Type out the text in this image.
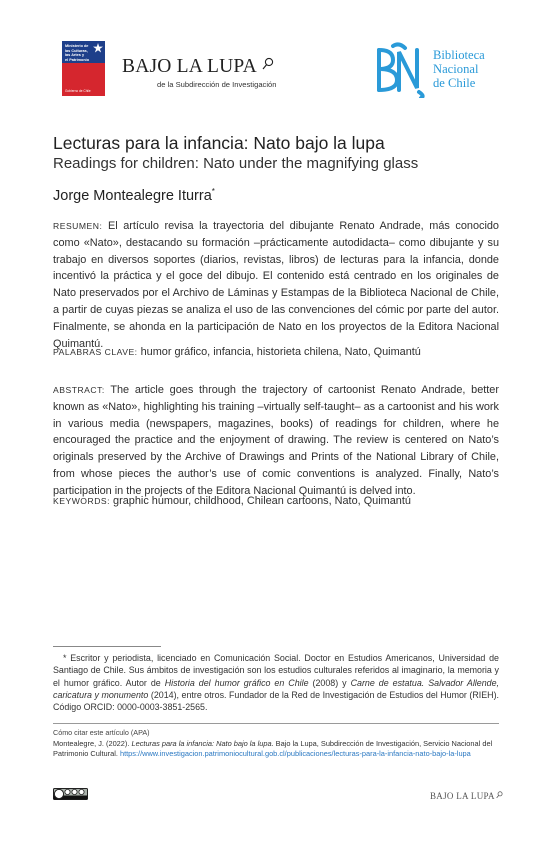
Ministerio de
las Culturas,
las Artes y
el Patrimonio
Gobierno de Chile
BAJO LA LUPA
de la Subdirección de Investigación
Biblioteca
Nacional
de Chile
Lecturas para la infancia: Nato bajo la lupa
Readings for children: Nato under the magnifying glass
Jorge Montealegre Iturra*
RESUMEN: El artículo revisa la trayectoria del dibujante Renato Andrade, más conocido como «Nato», destacando su formación –prácticamente autodidacta– como dibujante y su trabajo en diversos soportes (diarios, revistas, libros) de lecturas para la infancia, donde incentivó la práctica y el goce del dibujo. El contenido está centrado en los originales de Nato preservados por el Archivo de Láminas y Estampas de la Biblioteca Nacional de Chile, a partir de cuyas piezas se analiza el uso de las convenciones del cómic por parte del autor. Finalmente, se ahonda en la participación de Nato en los proyectos de la Editora Nacional Quimantú.
PALABRAS CLAVE: humor gráfico, infancia, historieta chilena, Nato, Quimantú
ABSTRACT: The article goes through the trajectory of cartoonist Renato Andrade, better known as «Nato», highlighting his training –virtually self-taught– as a cartoonist and his work in various media (newspapers, magazines, books) of readings for children, where he encouraged the practice and the enjoyment of drawing. The review is centered on Nato’s originals preserved by the Archive of Drawings and Prints of the National Library of Chile, from whose pieces the author’s use of comic conventions is analyzed. Finally, Nato’s participation in the projects of the Editora Nacional Quimantú is delved into.
KEYWORDS: graphic humour, childhood, Chilean cartoons, Nato, Quimantú
* Escritor y periodista, licenciado en Comunicación Social. Doctor en Estudios Americanos, Universidad de Santiago de Chile. Sus ámbitos de investigación son los estudios culturales referidos al imaginario, la memoria y el humor gráfico. Autor de Historia del humor gráfico en Chile (2008) y Carne de estatua. Salvador Allende, caricatura y monumento (2014), entre otros. Fundador de la Red de Investigación de Estudios del Humor (RIEH). Código ORCID: 0000-0003-3851-2565.
Cómo citar este artículo (APA)
Montealegre, J. (2022). Lecturas para la infancia: Nato bajo la lupa. Bajo la Lupa, Subdirección de Investigación, Servicio Nacional del Patrimonio Cultural. https://www.investigacion.patrimoniocultural.gob.cl/publicaciones/lecturas-para-la-infancia-nato-bajo-la-lupa
BAJO LA LUPA
